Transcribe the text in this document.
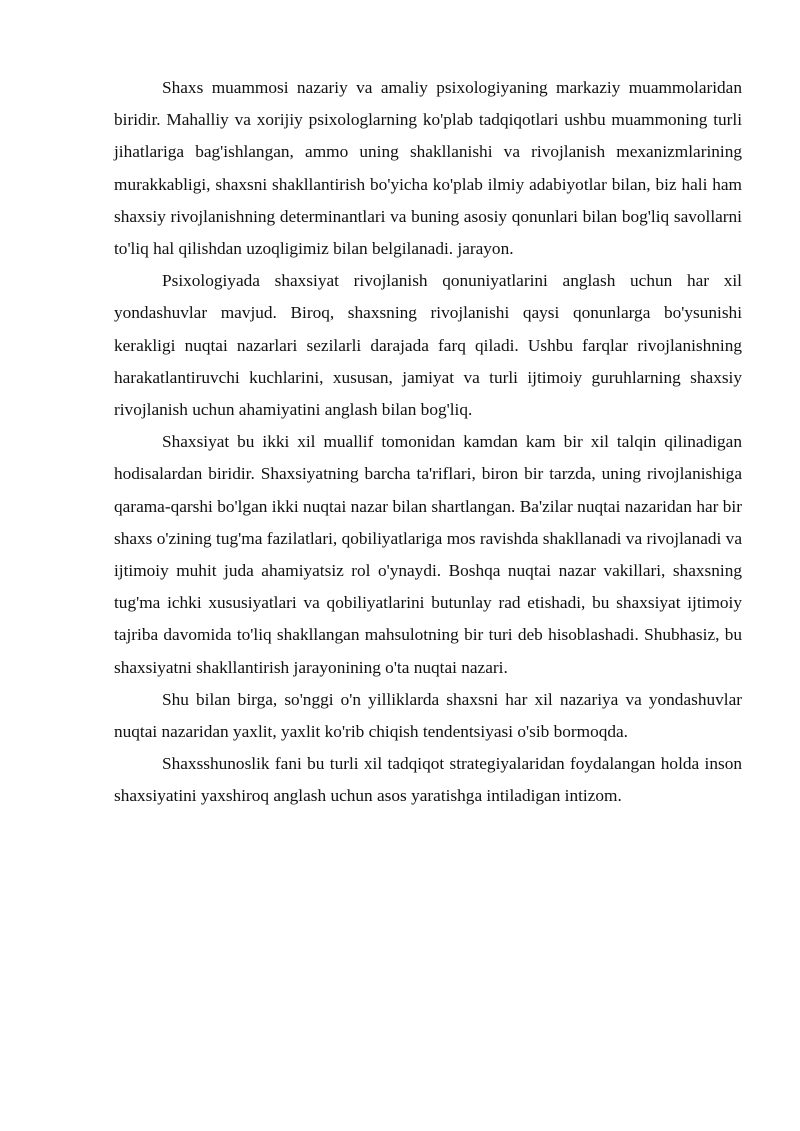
Shaxs muammosi nazariy va amaliy psixologiyaning markaziy muammolaridan biridir. Mahalliy va xorijiy psixologlarning ko'plab tadqiqotlari ushbu muammoning turli jihatlariga bag'ishlangan, ammo uning shakllanishi va rivojlanish mexanizmlarining murakkabligi, shaxsni shakllantirish bo'yicha ko'plab ilmiy adabiyotlar bilan, biz hali ham shaxsiy rivojlanishning determinantlari va buning asosiy qonunlari bilan bog'liq savollarni to'liq hal qilishdan uzoqligimiz bilan belgilanadi. jarayon.

Psixologiyada shaxsiyat rivojlanish qonuniyatlarini anglash uchun har xil yondashuvlar mavjud. Biroq, shaxsning rivojlanishi qaysi qonunlarga bo'ysunishi kerakligi nuqtai nazarlari sezilarli darajada farq qiladi. Ushbu farqlar rivojlanishning harakatlantiruvchi kuchlarini, xususan, jamiyat va turli ijtimoiy guruhlarning shaxsiy rivojlanish uchun ahamiyatini anglash bilan bog'liq.

Shaxsiyat bu ikki xil muallif tomonidan kamdan kam bir xil talqin qilinadigan hodisalardan biridir. Shaxsiyatning barcha ta'riflari, biron bir tarzda, uning rivojlanishiga qarama-qarshi bo'lgan ikki nuqtai nazar bilan shartlangan. Ba'zilar nuqtai nazaridan har bir shaxs o'zining tug'ma fazilatlari, qobiliyatlariga mos ravishda shakllanadi va rivojlanadi va ijtimoiy muhit juda ahamiyatsiz rol o'ynaydi. Boshqa nuqtai nazar vakillari, shaxsning tug'ma ichki xususiyatlari va qobiliyatlarini butunlay rad etishadi, bu shaxsiyat ijtimoiy tajriba davomida to'liq shakllangan mahsulotning bir turi deb hisoblashadi. Shubhasiz, bu shaxsiyatni shakllantirish jarayonining o'ta nuqtai nazari.

Shu bilan birga, so'nggi o'n yilliklarda shaxsni har xil nazariya va yondashuvlar nuqtai nazaridan yaxlit, yaxlit ko'rib chiqish tendentsiyasi o'sib bormoqda.

Shaxsshunoslik fani bu turli xil tadqiqot strategiyalaridan foydalangan holda inson shaxsiyatini yaxshiroq anglash uchun asos yaratishga intiladigan intizom.
